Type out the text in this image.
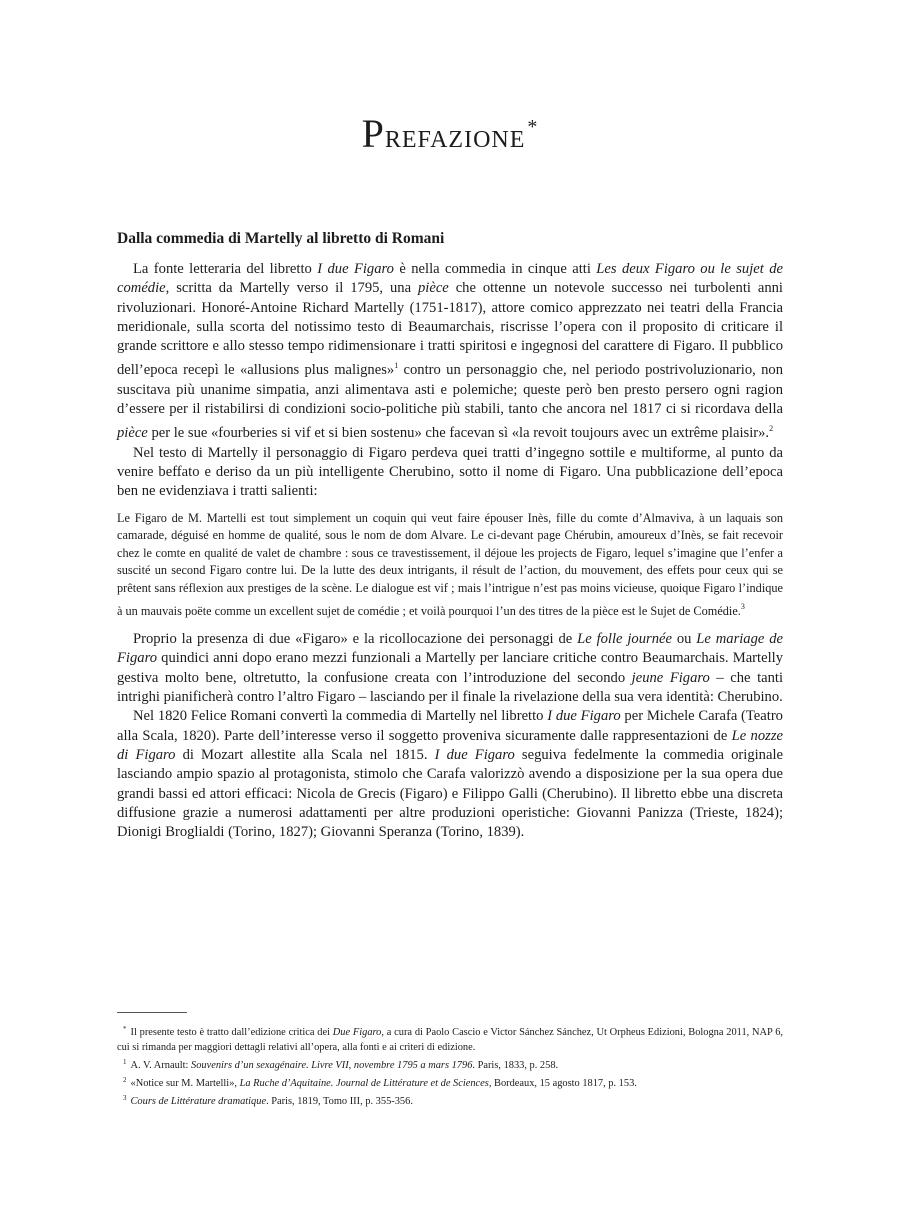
Prefazione *
Dalla commedia di Martelly al libretto di Romani

La fonte letteraria del libretto I due Figaro è nella commedia in cinque atti Les deux Figaro ou le sujet de comédie, scritta da Martelly verso il 1795, una pièce che ottenne un notevole successo nei turbolenti anni rivoluzionari. Honoré-Antoine Richard Martelly (1751-1817), attore comico apprezzato nei teatri della Francia meridionale, sulla scorta del notissimo testo di Beaumarchais, riscrisse l’opera con il proposito di criticare il grande scrittore e allo stesso tempo ridimensionare i tratti spiritosi e ingegnosi del carattere di Figaro. Il pubblico dell’epoca recepì le «allusions plus malignes»$^1$ contro un personaggio che, nel periodo postrivoluzionario, non suscitava più unanime simpatia, anzi alimentava asti e polemiche; queste però ben presto persero ogni ragion d’essere per il ristabilirsi di condizioni socio-politiche più stabili, tanto che ancora nel 1817 ci si ricordava della pièce per le sue «fourberies si vif et si bien sostenu» che facevan sì «la revoit toujours avec un extrême plaisir».$^2$

Nel testo di Martelly il personaggio di Figaro perdeva quei tratti d’ingegno sottile e multiforme, al punto da venire beffato e deriso da un più intelligente Cherubino, sotto il nome di Figaro. Una pubblicazione dell’epoca ben ne evidenziava i tratti salienti:

Le Figaro de M. Martelli est tout simplement un coquin qui veut faire épouser Inès, fille du comte d’Almaviva, à un laquais son camarade, déguisé en homme de qualité, sous le nom de dom Alvare. Le ci-devant page Chérubin, amoureux d’Inès, se fait recevoir chez le comte en qualité de valet de chambre : sous ce travestissement, il déjoue les projects de Figaro, lequel s’imagine que l’enfer a suscité un second Figaro contre lui. De la lutte des deux intrigants, il résult de l’action, du mouvement, des effets pour ceux qui se prêtent sans réflexion aux prestiges de la scène. Le dialogue est vif ; mais l’intrigue n’est pas moins vicieuse, quoique Figaro l’indique à un mauvais poëte comme un excellent sujet de comédie ; et voilà pourquoi l’un des titres de la pièce est le Sujet de Comédie.$^3$

Proprio la presenza di due «Figaro» e la ricollocazione dei personaggi de Le folle journée ou Le mariage de Figaro quindici anni dopo erano mezzi funzionali a Martelly per lanciare critiche contro Beaumarchais. Martelly gestiva molto bene, oltretutto, la confusione creata con l’introduzione del secondo jeune Figaro – che tanti intrighi pianificherà contro l’altro Figaro – lasciando per il finale la rivelazione della sua vera identità: Cherubino.

Nel 1820 Felice Romani convertì la commedia di Martelly nel libretto I due Figaro per Michele Carafa (Teatro alla Scala, 1820). Parte dell’interesse verso il soggetto proveniva sicuramente dalle rappresentazioni de Le nozze di Figaro di Mozart allestite alla Scala nel 1815. I due Figaro seguiva fedelmente la commedia originale lasciando ampio spazio al protagonista, stimolo che Carafa valorizzò avendo a disposizione per la sua opera due grandi bassi ed attori efficaci: Nicola de Grecis (Figaro) e Filippo Galli (Cherubino). Il libretto ebbe una discreta diffusione grazie a numerosi adattamenti per altre produzioni operistiche: Giovanni Panizza (Trieste, 1824); Dionigi Broglialdi (Torino, 1827); Giovanni Speranza (Torino, 1839).

* Il presente testo è tratto dall’edizione critica dei Due Figaro, a cura di Paolo Cascio e Victor Sánchez Sánchez, Ut Orpheus Edizioni, Bologna 2011, NAP 6, cui si rimanda per maggiori dettagli relativi all’opera, alla fonti e ai criteri di edizione.

$^1$ A. V. Arnault: Souvenirs d’un sexagénaire. Livre VII, novembre 1795 a mars 1796. Paris, 1833, p. 258.

$^2$ «Notice sur M. Martelli», La Ruche d’Aquitaine. Journal de Littérature et de Sciences, Bordeaux, 15 agosto 1817, p. 153.

$^3$ Cours de Littérature dramatique. Paris, 1819, Tomo III, p. 355-356.
